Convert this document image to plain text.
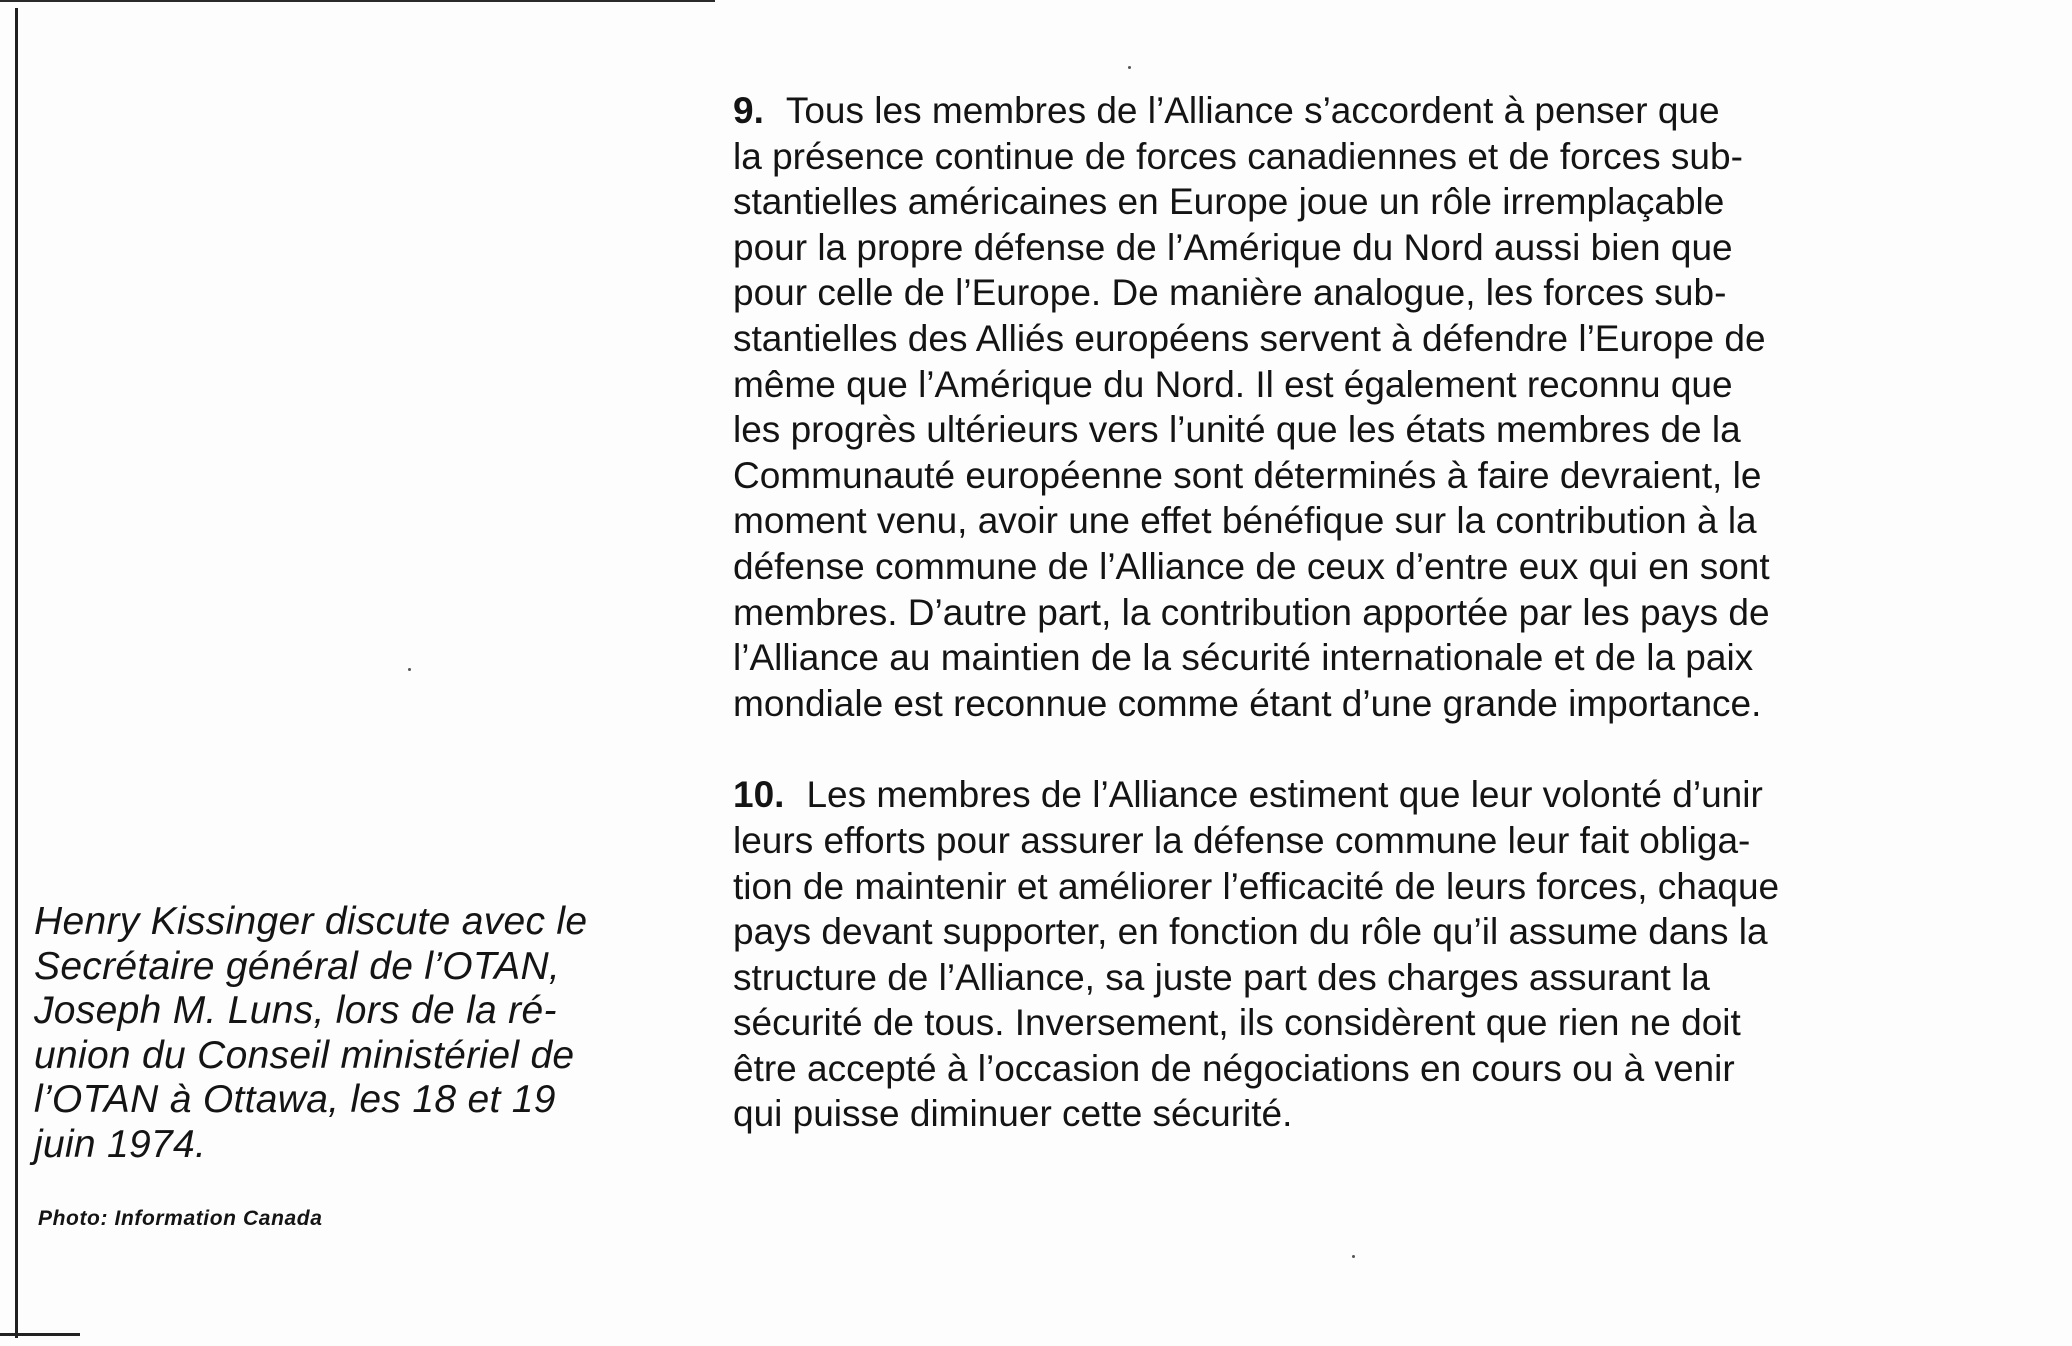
9. Tous les membres de l’Alliance s’accordent à penser que
la présence continue de forces canadiennes et de forces sub-
stantielles américaines en Europe joue un rôle irremplaçable
pour la propre défense de l’Amérique du Nord aussi bien que
pour celle de l’Europe. De manière analogue, les forces sub-
stantielles des Alliés européens servent à défendre l’Europe de
même que l’Amérique du Nord. Il est également reconnu que
les progrès ultérieurs vers l’unité que les états membres de la
Communauté européenne sont déterminés à faire devraient, le
moment venu, avoir une effet bénéfique sur la contribution à la
défense commune de l’Alliance de ceux d’entre eux qui en sont
membres. D’autre part, la contribution apportée par les pays de
l’Alliance au maintien de la sécurité internationale et de la paix
mondiale est reconnue comme étant d’une grande importance.
10. Les membres de l’Alliance estiment que leur volonté d’unir
leurs efforts pour assurer la défense commune leur fait obliga-
tion de maintenir et améliorer l’efficacité de leurs forces, chaque
pays devant supporter, en fonction du rôle qu’il assume dans la
structure de l’Alliance, sa juste part des charges assurant la
sécurité de tous. Inversement, ils considèrent que rien ne doit
être accepté à l’occasion de négociations en cours ou à venir
qui puisse diminuer cette sécurité.
Henry Kissinger discute avec le
Secrétaire général de l’OTAN,
Joseph M. Luns, lors de la ré-
union du Conseil ministériel de
l’OTAN à Ottawa, les 18 et 19
juin 1974.
Photo: Information Canada
